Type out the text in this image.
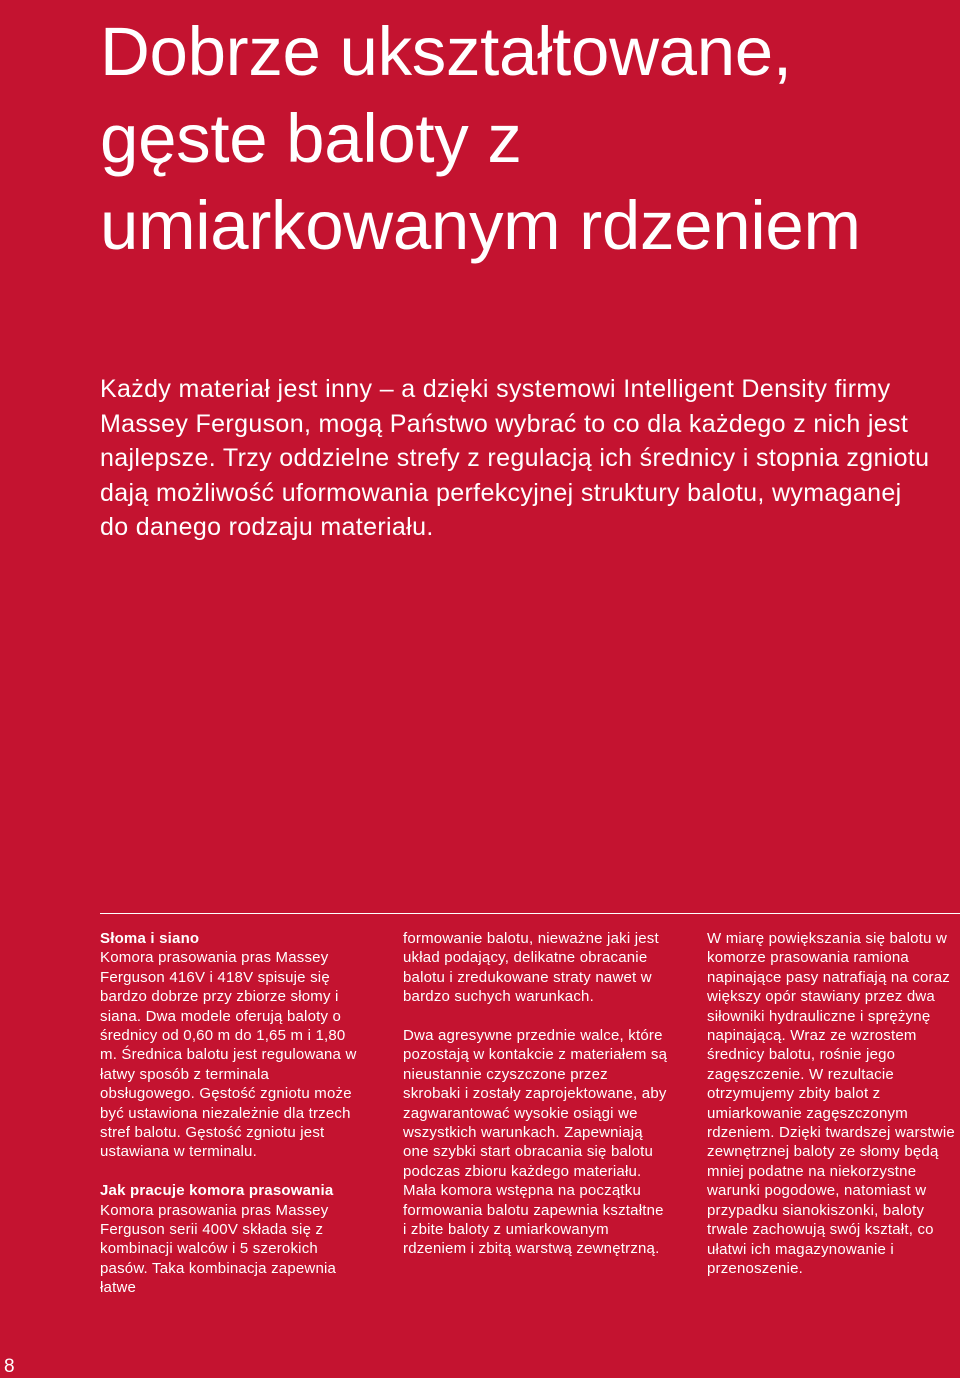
Dobrze ukształtowane, gęste baloty z umiarkowanym rdzeniem

Każdy materiał jest inny – a dzięki systemowi Intelligent Density firmy Massey Ferguson, mogą Państwo wybrać to co dla każdego z nich jest najlepsze. Trzy oddzielne strefy z regulacją ich średnicy i stopnia zgniotu dają możliwość uformowania perfekcyjnej struktury balotu, wymaganej do danego rodzaju materiału.

Słoma i siano
Komora prasowania pras Massey Ferguson 416V i 418V spisuje się bardzo dobrze przy zbiorze słomy i siana. Dwa modele oferują baloty o średnicy od 0,60 m do 1,65 m i 1,80 m. Średnica balotu jest regulowana w łatwy sposób z terminala obsługowego. Gęstość zgniotu może być ustawiona niezależnie dla trzech stref balotu. Gęstość zgniotu jest ustawiana w terminalu.

Jak pracuje komora prasowania
Komora prasowania pras Massey Ferguson serii 400V składa się z kombinacji walców i 5 szerokich pasów. Taka kombinacja zapewnia łatwe

formowanie balotu, nieważne jaki jest układ podający, delikatne obracanie balotu i zredukowane straty nawet w bardzo suchych warunkach.

Dwa agresywne przednie walce, które pozostają w kontakcie z materiałem są nieustannie czyszczone przez skrobaki i zostały zaprojektowane, aby zagwarantować wysokie osiągi we wszystkich warunkach. Zapewniają one szybki start obracania się balotu podczas zbioru każdego materiału. Mała komora wstępna na początku formowania balotu zapewnia kształtne i zbite baloty z umiarkowanym rdzeniem i zbitą warstwą zewnętrzną.

W miarę powiększania się balotu w komorze prasowania ramiona napinające pasy natrafiają na coraz większy opór stawiany przez dwa siłowniki hydrauliczne i sprężynę napinającą. Wraz ze wzrostem średnicy balotu, rośnie jego zagęszczenie. W rezultacie otrzymujemy zbity balot z umiarkowanie zagęszczonym rdzeniem. Dzięki twardszej warstwie zewnętrznej baloty ze słomy będą mniej podatne na niekorzystne warunki pogodowe, natomiast w przypadku sianokiszonki, baloty trwale zachowują swój kształt, co ułatwi ich magazynowanie i przenoszenie.

8
